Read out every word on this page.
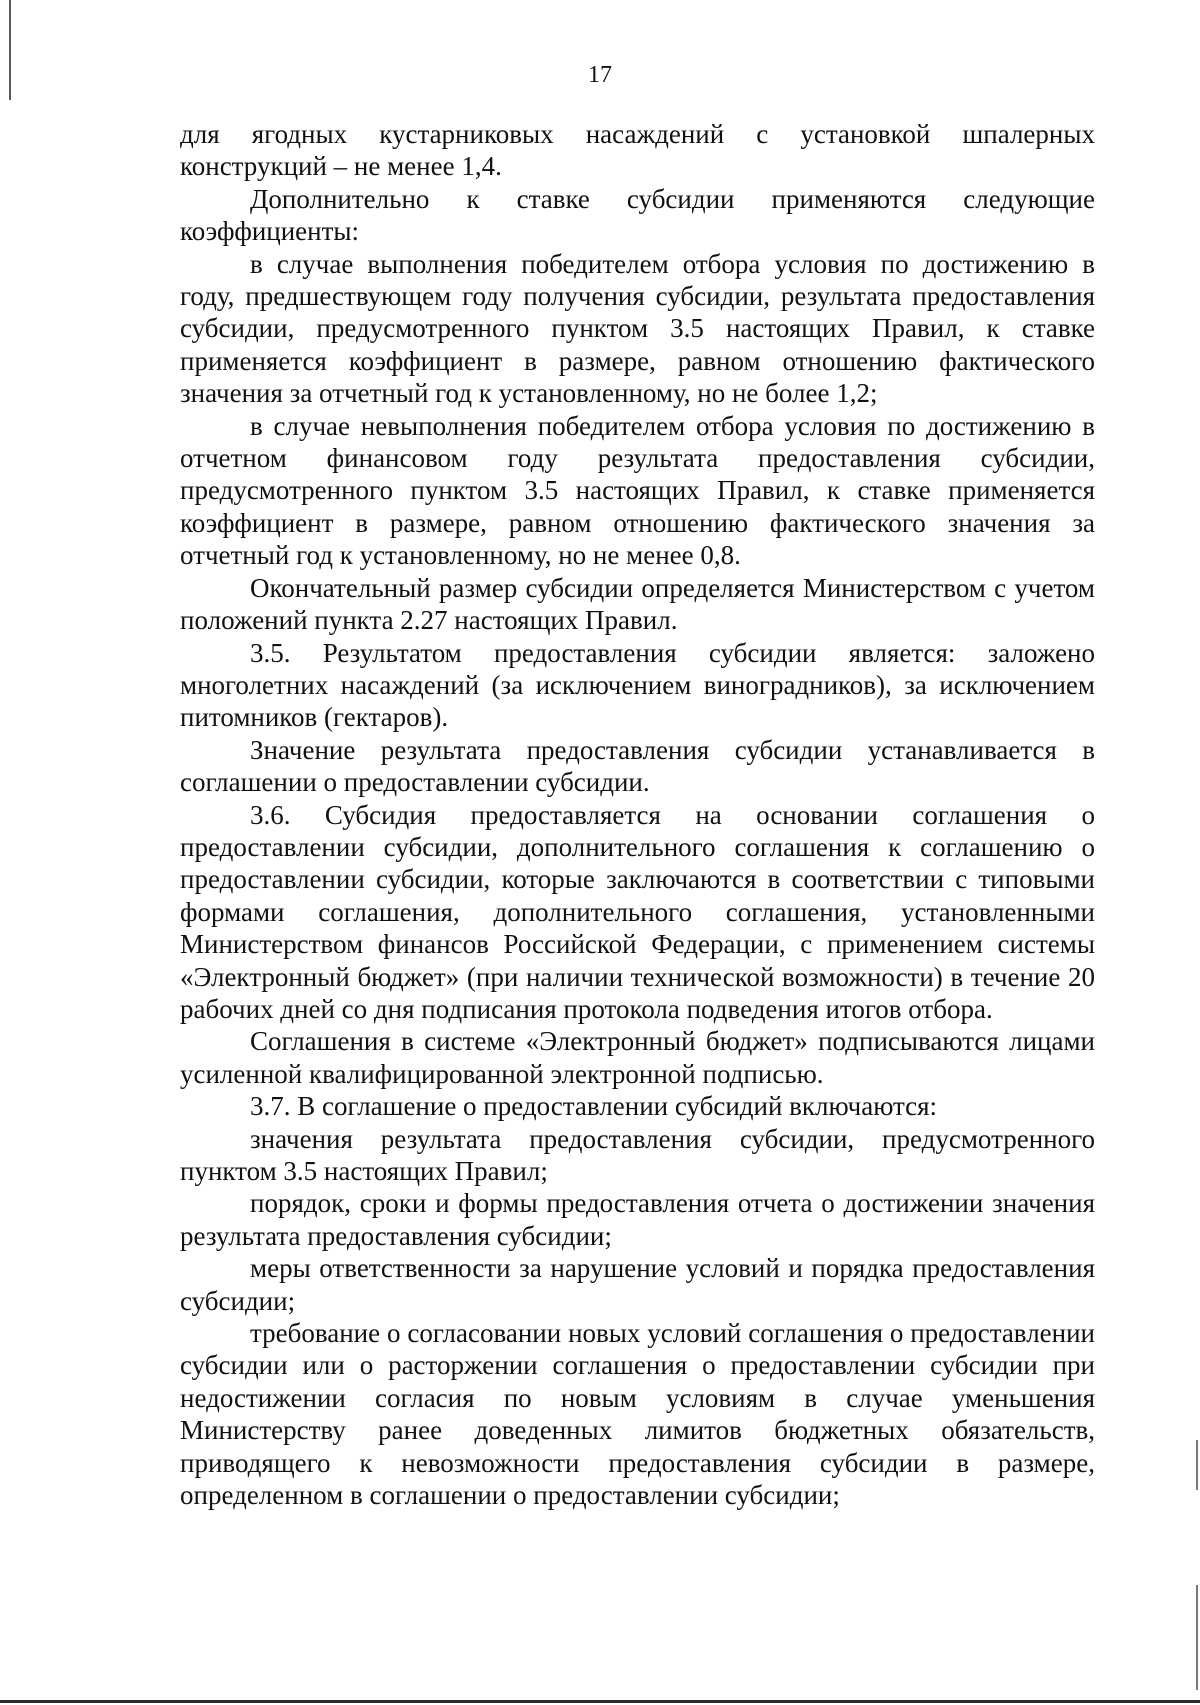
17

для ягодных кустарниковых насаждений с установкой шпалерных конструкций – не менее 1,4.

Дополнительно к ставке субсидии применяются следующие коэффициенты:

в случае выполнения победителем отбора условия по достижению в году, предшествующем году получения субсидии, результата предоставления субсидии, предусмотренного пунктом 3.5 настоящих Правил, к ставке применяется коэффициент в размере, равном отношению фактического значения за отчетный год к установленному, но не более 1,2;

в случае невыполнения победителем отбора условия по достижению в отчетном финансовом году результата предоставления субсидии, предусмотренного пунктом 3.5 настоящих Правил, к ставке применяется коэффициент в размере, равном отношению фактического значения за отчетный год к установленному, но не менее 0,8.

Окончательный размер субсидии определяется Министерством с учетом положений пункта 2.27 настоящих Правил.

3.5. Результатом предоставления субсидии является: заложено многолетних насаждений (за исключением виноградников), за исключением питомников (гектаров).

Значение результата предоставления субсидии устанавливается в соглашении о предоставлении субсидии.

3.6. Субсидия предоставляется на основании соглашения о предоставлении субсидии, дополнительного соглашения к соглашению о предоставлении субсидии, которые заключаются в соответствии с типовыми формами соглашения, дополнительного соглашения, установленными Министерством финансов Российской Федерации, с применением системы «Электронный бюджет» (при наличии технической возможности) в течение 20 рабочих дней со дня подписания протокола подведения итогов отбора.

Соглашения в системе «Электронный бюджет» подписываются лицами усиленной квалифицированной электронной подписью.

3.7. В соглашение о предоставлении субсидий включаются:

значения результата предоставления субсидии, предусмотренного пунктом 3.5 настоящих Правил;

порядок, сроки и формы предоставления отчета о достижении значения результата предоставления субсидии;

меры ответственности за нарушение условий и порядка предоставления субсидии;

требование о согласовании новых условий соглашения о предоставлении субсидии или о расторжении соглашения о предоставлении субсидии при недостижении согласия по новым условиям в случае уменьшения Министерству ранее доведенных лимитов бюджетных обязательств, приводящего к невозможности предоставления субсидии в размере, определенном в соглашении о предоставлении субсидии;
